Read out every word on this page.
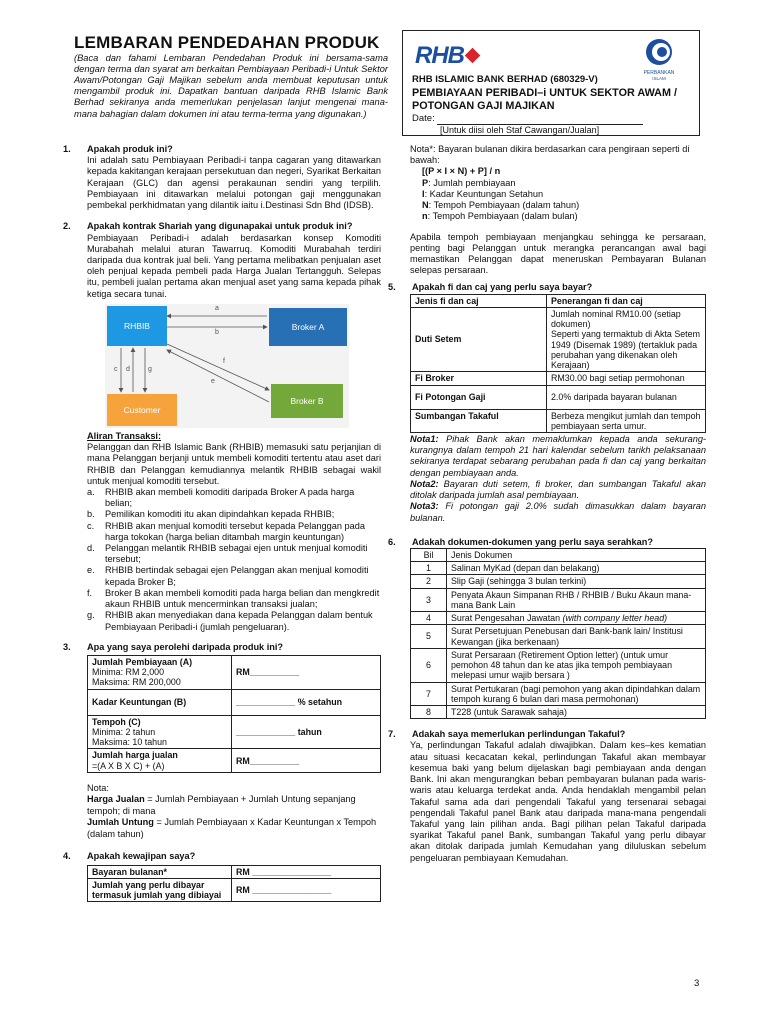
LEMBARAN PENDEDAHAN PRODUK
(Baca dan fahami Lembaran Pendedahan Produk ini bersama-sama dengan terma dan syarat am berkaitan Pembiayaan Peribadi-i Untuk Sektor Awam/Potongan Gaji Majikan sebelum anda membuat keputusan untuk mengambil produk ini. Dapatkan bantuan daripada RHB Islamic Bank Berhad sekiranya anda memerlukan penjelasan lanjut mengenai mana-mana bahagian dalam dokumen ini atau terma-terma yang digunakan.)
RHB
PERBANKAN
ISLAM
RHB ISLAMIC BANK BERHAD (680329-V)
PEMBIAYAAN PERIBADI–i UNTUK SEKTOR AWAM / POTONGAN GAJI MAJIKAN
Date:
[Untuk diisi oleh Staf Cawangan/Jualan]
1.	Apakah produk ini?
Ini adalah satu Pembiayaan Peribadi-i tanpa cagaran yang ditawarkan kepada kakitangan kerajaan persekutuan dan negeri, Syarikat Berkaitan Kerajaan (GLC) dan agensi perakaunan sendiri yang terpilih. Pembiayaan ini ditawarkan melalui potongan gaji menggunakan pembekal perkhidmatan yang dilantik iaitu i.Destinasi Sdn Bhd (IDSB).
2.	Apakah kontrak Shariah yang digunapakai untuk produk ini?
Pembiayaan Peribadi-i adalah berdasarkan konsep Komoditi Murabahah melalui aturan Tawarruq. Komoditi Murabahah terdiri daripada dua kontrak jual beli. Yang pertama melibatkan penjualan aset oleh penjual kepada pembeli pada Harga Jualan Tertangguh. Selepas itu, pembeli jualan pertama akan menjual aset yang sama kepada pihak ketiga secara tunai.
RHBIB	Broker A
Customer
Broker B
a
b
c d
e
f
g
Aliran Transaksi:
Pelanggan dan RHB Islamic Bank (RHBIB) memasuki satu perjanjian di mana Pelanggan berjanji untuk membeli komoditi tertentu atau aset dari RHBIB dan Pelanggan kemudiannya melantik RHBIB sebagai wakil untuk menjual komoditi tersebut.
a.	RHBIB akan membeli komoditi daripada Broker A pada harga belian;
b.	Pemilikan komoditi itu akan dipindahkan kepada RHBIB;
c.	RHBIB akan menjual komoditi tersebut kepada Pelanggan pada harga tokokan (harga belian ditambah margin keuntungan)
d.	Pelanggan melantik RHBIB sebagai ejen untuk menjual komoditi tersebut;
e.	RHBIB bertindak sebagai ejen Pelanggan akan menjual komoditi kepada Broker B;
f.	Broker B akan membeli komoditi pada harga belian dan mengkredit akaun RHBIB untuk mencerminkan transaksi jualan;
g.	RHBIB akan menyediakan dana kepada Pelanggan dalam bentuk Pembiayaan Peribadi-i (jumlah pengeluaran).
3.	Apa yang saya perolehi daripada produk ini?
Jumlah Pembiayaan (A)
Minima: RM 2,000
Maksima: RM 200,000	RM__________

Kadar Keuntungan (B)	____________ % setahun

Tempoh (C)
Minima: 2 tahun
Maksima: 10 tahun	____________ tahun

Jumlah harga jualan
=(A X B X C) + (A)	RM__________
Nota:
Harga Jualan = Jumlah Pembiayaan + Jumlah Untung sepanjang tempoh; di mana
Jumlah Untung = Jumlah Pembiayaan x Kadar Keuntungan x Tempoh (dalam tahun)
4.	Apakah kewajipan saya?
Bayaran bulanan*	RM ________________
Jumlah yang perlu dibayar termasuk jumlah yang dibiayai	RM ________________
Nota*: Bayaran bulanan dikira berdasarkan cara pengiraan seperti di bawah:
[(P × I × N) + P] / n
P: Jumlah pembiayaan
I: Kadar Keuntungan Setahun
N: Tempoh Pembiayaan (dalam tahun)
n: Tempoh Pembiayaan (dalam bulan)
Apabila tempoh pembiayaan menjangkau sehingga ke persaraan, penting bagi Pelanggan untuk merangka perancangan awal bagi memastikan Pelanggan dapat meneruskan Pembayaran Bulanan selepas persaraan.
5.	Apakah fi dan caj yang perlu saya bayar?
Jenis fi dan caj	Penerangan fi dan caj
Duti Setem	Jumlah nominal RM10.00 (setiap dokumen)
Seperti yang termaktub di Akta Setem 1949 (Disemak 1989) (tertakluk pada perubahan yang dikenakan oleh Kerajaan)

Fi Broker	RM30.00 bagi setiap permohonan
Fi Potongan Gaji	2.0% daripada bayaran bulanan
Sumbangan Takaful	Berbeza mengikut jumlah dan tempoh pembiayaan serta umur.
Nota1: Pihak Bank akan memaklumkan kepada anda sekurang-kurangnya dalam tempoh 21 hari kalendar sebelum tarikh pelaksanaan sekiranya terdapat sebarang perubahan pada fi dan caj yang berkaitan dengan pembiayaan anda.
Nota2: Bayaran duti setem, fi broker, dan sumbangan Takaful akan ditolak daripada jumlah asal pembiayaan.
Nota3: Fi potongan gaji 2.0% sudah dimasukkan dalam bayaran bulanan.
6.	Adakah dokumen-dokumen yang perlu saya serahkan?
Bil	Jenis Dokumen
1	Salinan MyKad (depan dan belakang)
2	Slip Gaji (sehingga 3 bulan terkini)
3	Penyata Akaun Simpanan RHB / RHBIB / Buku Akaun mana-mana Bank Lain
4	Surat Pengesahan Jawatan (with company letter head)
5	Surat Persetujuan Penebusan dari Bank-bank lain/ Institusi Kewangan (jika berkenaan)
6	Surat Persaraan (Retirement Option letter) (untuk umur pemohon 48 tahun dan ke atas jika tempoh pembiayaan melepasi umur wajib bersara )
7	Surat Pertukaran (bagi pemohon yang akan dipindahkan dalam tempoh kurang 6 bulan dari masa permohonan)
8	T228 (untuk Sarawak sahaja)
7.	Adakah saya memerlukan perlindungan Takaful?
Ya, perlindungan Takaful adalah diwajibkan. Dalam kes–kes kematian atau situasi kecacatan kekal, perlindungan Takaful akan membayar kesemua baki yang belum dijelaskan bagi pembiayaan anda dengan Bank. Ini akan mengurangkan beban pembayaran bulanan pada waris-waris atau keluarga terdekat anda. Anda hendaklah mengambil pelan Takaful sama ada dari pengendali Takaful yang tersenarai sebagai pengendali Takaful panel Bank atau daripada mana-mana pengendali Takaful yang lain pilihan anda. Bagi pilihan pelan Takaful daripada syarikat Takaful panel Bank, sumbangan Takaful yang perlu dibayar akan ditolak daripada jumlah Kemudahan yang diluluskan sebelum pengeluaran pembiayaan Kemudahan.
3
